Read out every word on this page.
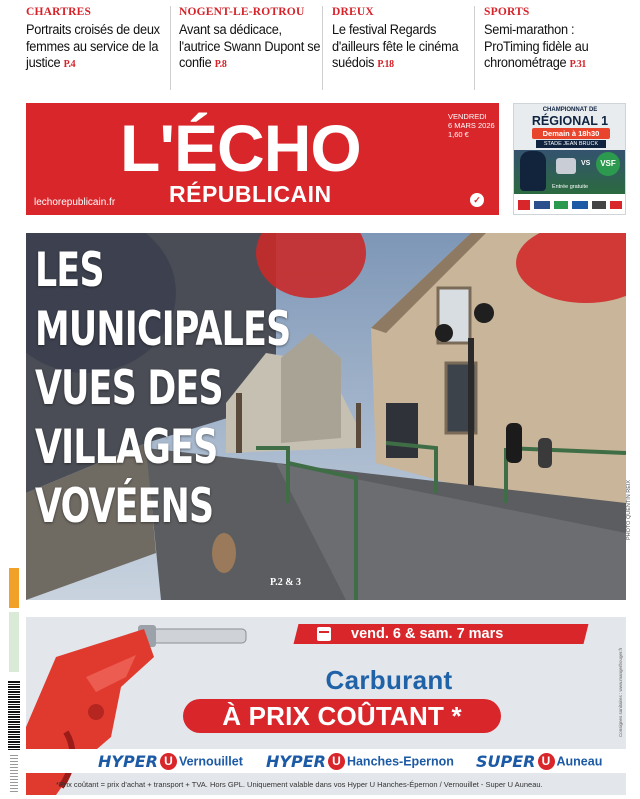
CHARTRES
Portraits croisés de deux femmes au service de la justice P.4
NOGENT-LE-ROTROU
Avant sa dédicace, l'autrice Swann Dupont se confie P.8
DREUX
Le festival Regards d'ailleurs fête le cinéma suédois P.18
SPORTS
Semi-marathon : ProTiming fidèle au chronométrage P.31
L'ÉCHO
RÉPUBLICAIN
VENDREDI
6 MARS 2026
1,60 €
lechorepublicain.fr	✓
CHAMPIONNAT DE
RÉGIONAL 1
Demain à 18h30
STADE JEAN BRUCK
VS	VSF
Entrée gratuite
LES
MUNICIPALES
VUES DES
VILLAGES
VOVÉENS
P.2 & 3
PHOTO QUENTIN REIX
vend. 6 & sam. 7 mars
Carburant
À PRIX COÛTANT *
HYPER U Vernouillet HYPER U Hanches-Epernon SUPER U Auneau
*Prix coûtant = prix d'achat + transport + TVA. Hors GPL. Uniquement valable dans vos Hyper U Hanches-Épernon / Vernouillet - Super U Auneau.
Consignes sanitaires : www.mangerbouger.fr
